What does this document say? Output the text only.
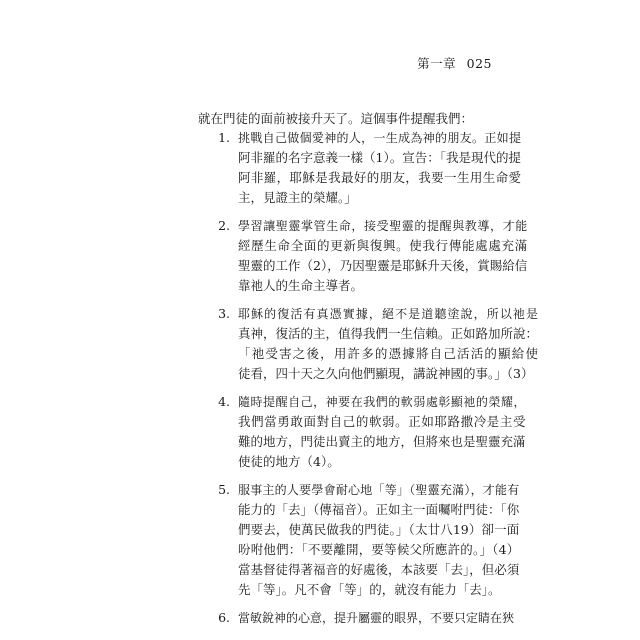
第一章 025
就在門徒的面前被接升天了。這個事件提醒我們：
1. 挑戰自己做個愛神的人，一生成為神的朋友。正如提
阿非羅的名字意義一樣（1）。宣告：「我是現代的提
阿非羅，耶穌是我最好的朋友，我要一生用生命愛
主，見證主的榮耀。」
2. 學習讓聖靈掌管生命，接受聖靈的提醒與教導，才能
經歷生命全面的更新與復興。使我行傳能處處充滿
聖靈的工作（2），乃因聖靈是耶穌升天後，賞賜給信
靠祂人的生命主導者。
3. 耶穌的復活有真憑實據，絕不是道聽塗說，所以祂是
真神，復活的主，值得我們一生信賴。正如路加所說：
「祂受害之後，用許多的憑據將自己活活的顯給使
徒看，四十天之久向他們顯現，講說神國的事。」（3）
4. 隨時提醒自己，神要在我們的軟弱處彰顯祂的榮耀，
我們當勇敢面對自己的軟弱。正如耶路撒冷是主受
難的地方，門徒出賣主的地方，但將來也是聖靈充滿
使徒的地方（4）。
5. 服事主的人要學會耐心地「等」（聖靈充滿），才能有
能力的「去」（傳福音）。正如主一面囑咐門徒：「你
們要去，使萬民做我的門徒。」（太廿八19）卻一面
吩咐他們：「不要離開，要等候父所應許的。」（4）
當基督徒得著福音的好處後，本該要「去」，但必須
先「等」。凡不會「等」的，就沒有能力「去」。
6. 當敏銳神的心意，提升屬靈的眼界，不要只定睛在狹
